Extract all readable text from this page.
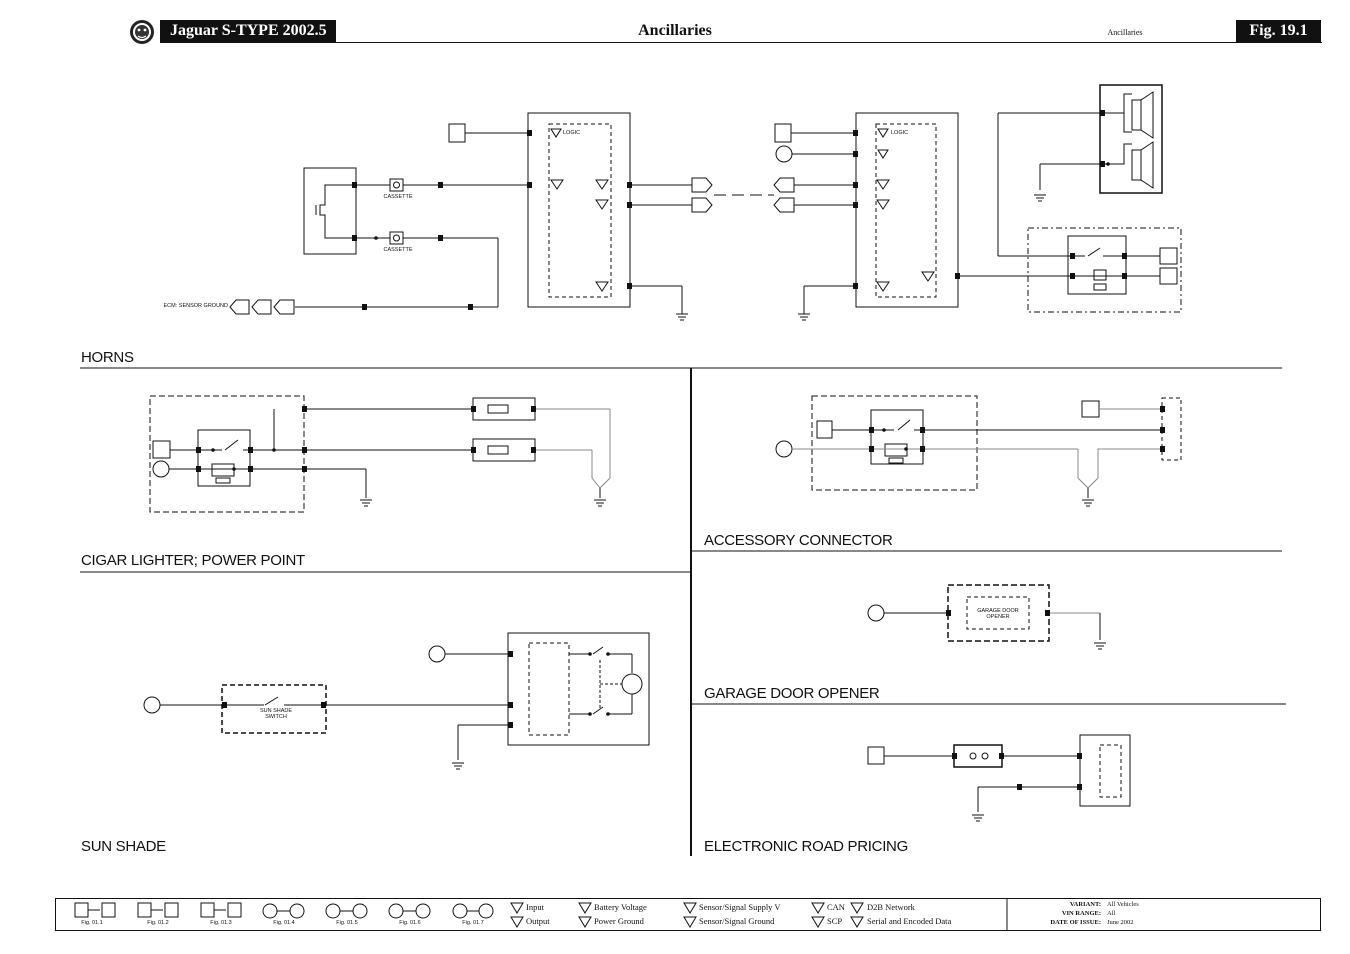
Jaguar S-TYPE 2002.5	Ancillaries	Ancillaries	Fig. 19.1
CASSETTE
CASSETTE
LOGIC	LOGIC
ECM: SENSOR GROUND
SUN SHADE SWITCH
GARAGE DOOR OPENER
HORNS
CIGAR LIGHTER; POWER POINT
ACCESSORY CONNECTOR
GARAGE DOOR OPENER
SUN SHADE	ELECTRONIC ROAD PRICING
Fig. 01.1	Fig. 01.2	Fig. 01.3	Fig. 01.4	Fig. 01.5	Fig. 01.6	Fig. 01.7
Input
Output
Battery Voltage
Power Ground
Sensor/Signal Supply V
Sensor/Signal Ground
CAN
SCP
D2B Network
Serial and Encoded Data
VARIANT: All Vehicles
VIN RANGE: All
DATE OF ISSUE: June 2002
